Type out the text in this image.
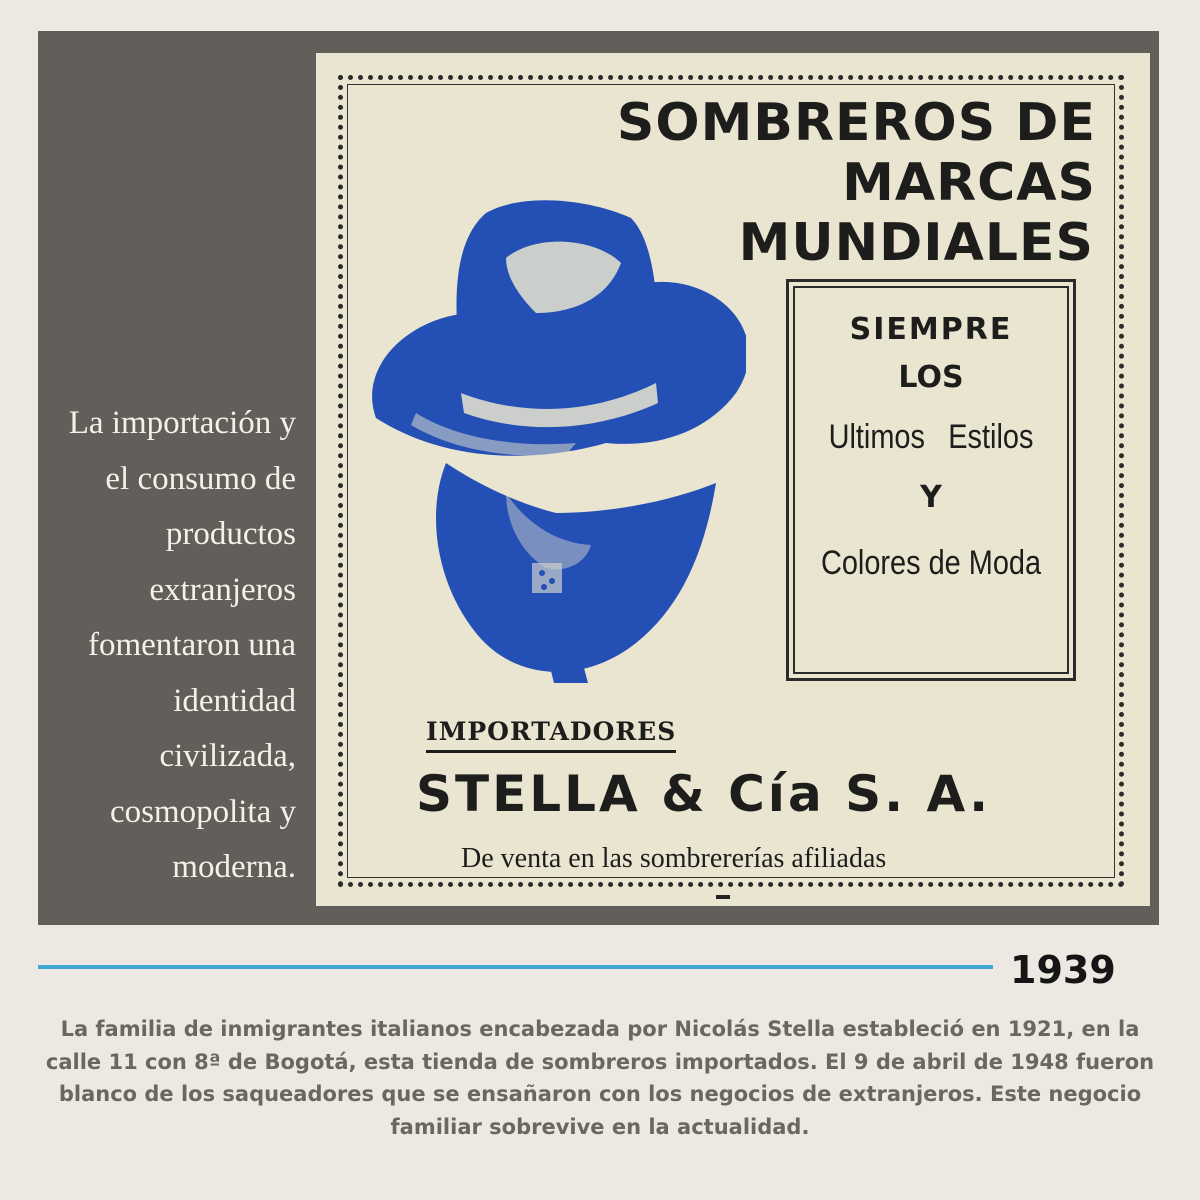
La importación y el consumo de productos extranjeros fomentaron una identidad civilizada, cosmopolita y moderna.
SOMBREROS DE MARCAS
MUNDIALES
SIEMPRE
LOS
Ultimos Estilos
Y
Colores de Moda
IMPORTADORES
STELLA & Cía S. A.
De venta en las sombrererías afiliadas
1939
La familia de inmigrantes italianos encabezada por Nicolás Stella estableció en 1921, en la calle 11 con 8ª de Bogotá, esta tienda de sombreros importados. El 9 de abril de 1948 fueron blanco de los saqueadores que se ensañaron con los negocios de extranjeros. Este negocio familiar sobrevive en la actualidad.
